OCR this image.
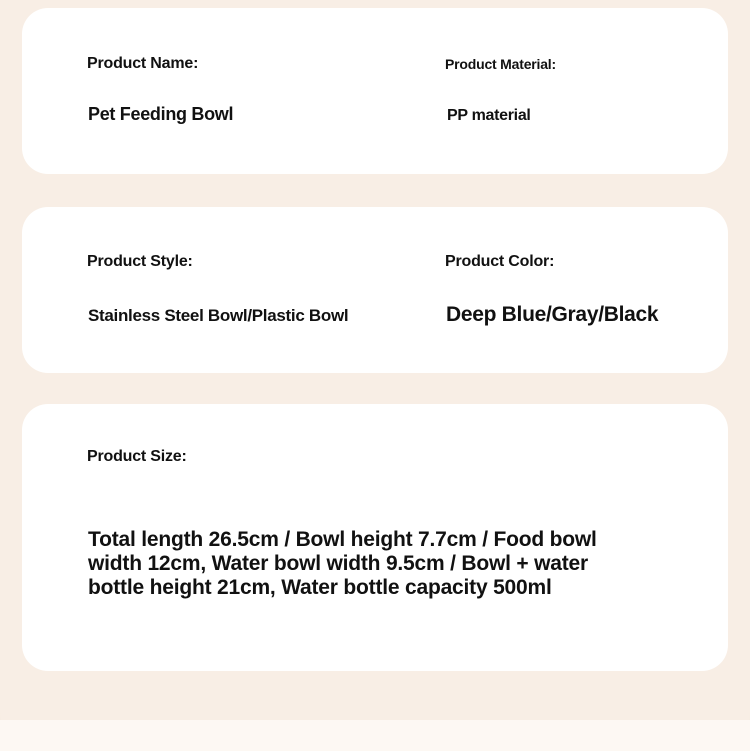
Product Name:
Pet Feeding Bowl
Product Material:
PP material
Product Style:
Stainless Steel Bowl/Plastic Bowl
Product Color:
Deep Blue/Gray/Black
Product Size:
Total length 26.5cm / Bowl height 7.7cm / Food bowl width 12cm, Water bowl width 9.5cm / Bowl + water bottle height 21cm, Water bottle capacity 500ml
